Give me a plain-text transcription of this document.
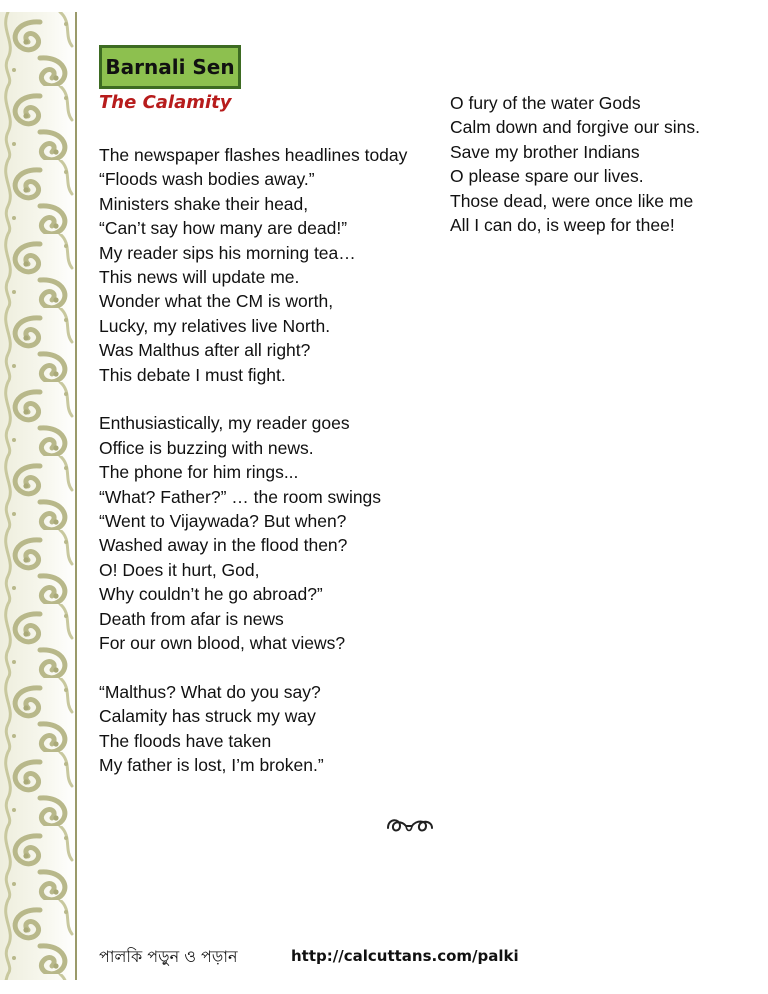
Barnali Sen
The Calamity
The newspaper flashes headlines today
“Floods wash bodies away.”
Ministers shake their head,
“Can’t say how many are dead!”
My reader sips his morning tea…
This news will update me.
Wonder what the CM is worth,
Lucky, my relatives live North.
Was Malthus after all right?
This debate I must fight.
Enthusiastically, my reader goes
Office is buzzing with news.
The phone for him rings...
“What? Father?” … the room swings
“Went to Vijaywada? But when?
Washed away in the flood then?
O! Does it hurt, God,
Why couldn’t he go abroad?”
Death from afar is news
For our own blood, what views?
“Malthus? What do you say?
Calamity has struck my way
The floods have taken
My father is lost, I’m broken.”
O fury of the water Gods
Calm down and forgive our sins.
Save my brother Indians
O please spare our lives.
Those dead, were once like me
All I can do, is weep for thee!
পালকি পড়ুন ও পড়ান	http://calcuttans.com/palki
